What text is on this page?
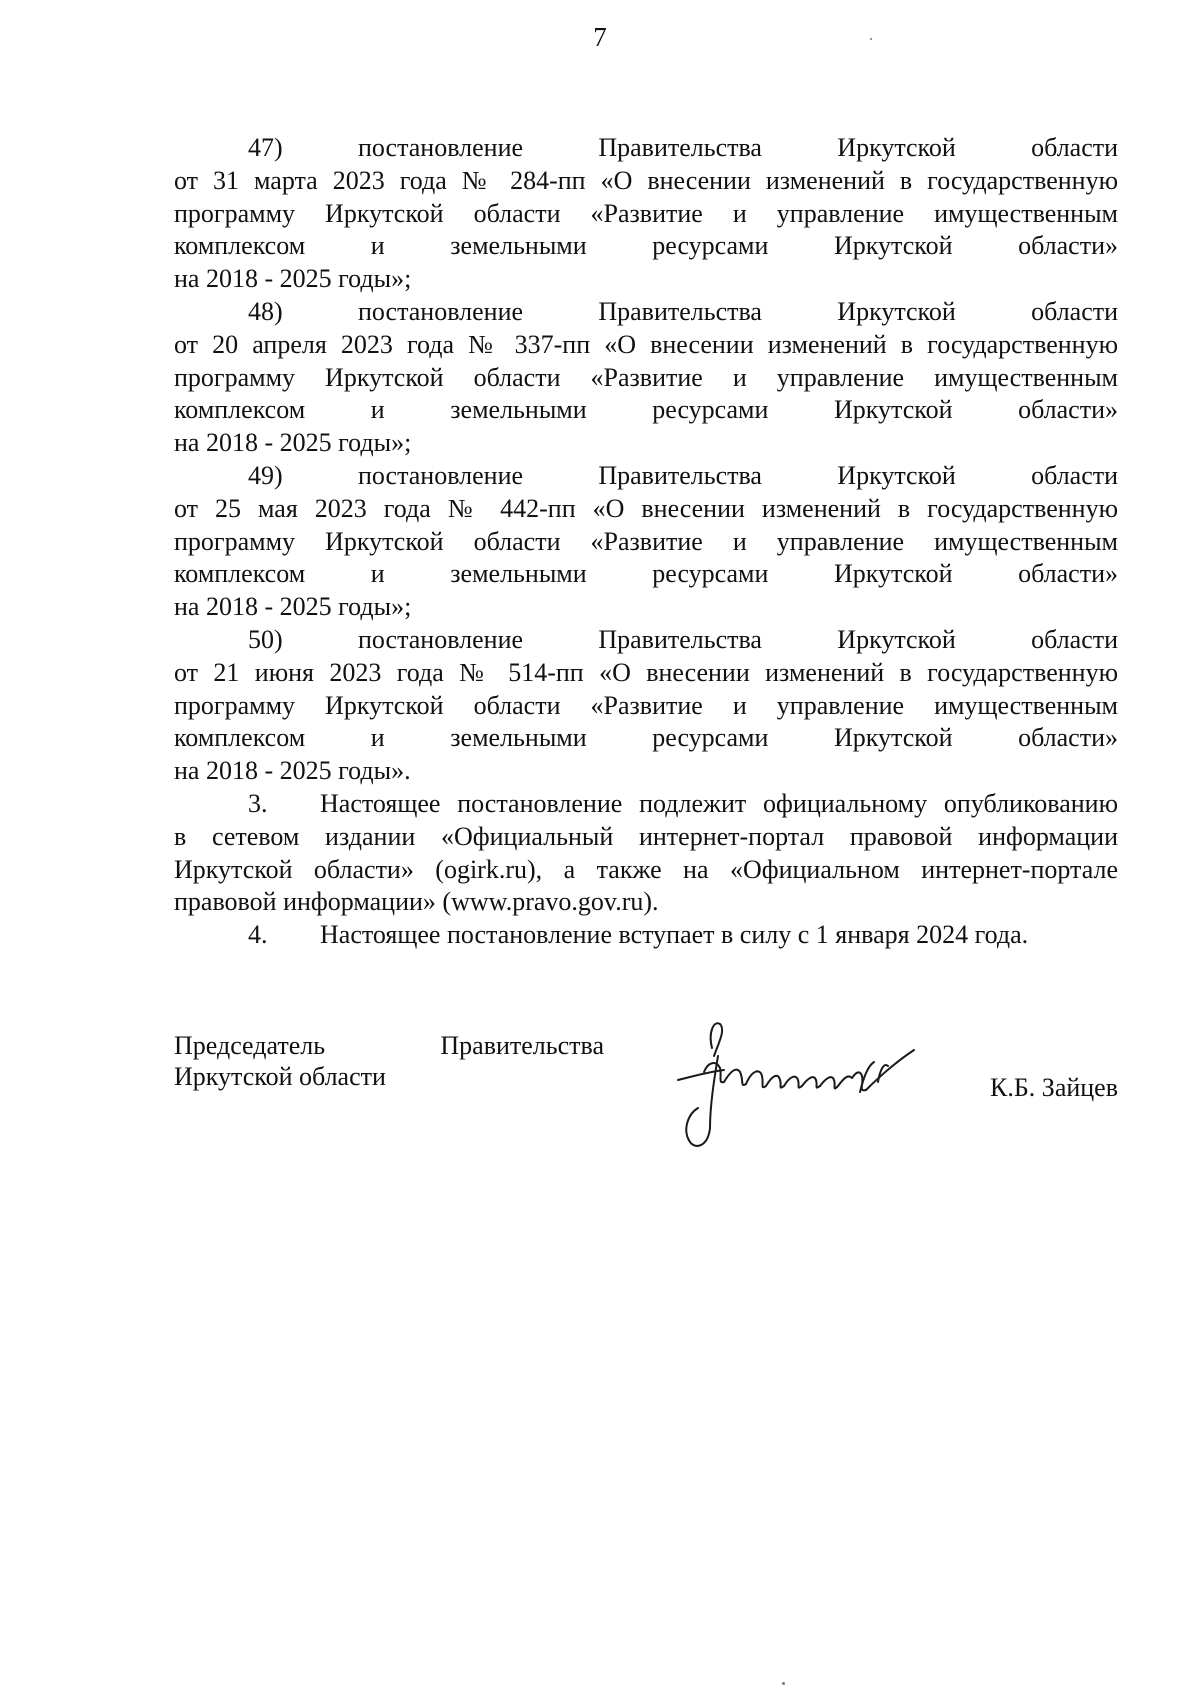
7
47)	постановление	Правительства	Иркутской	области
от 31 марта 2023 года № 284-пп «О внесении изменений в государственную
программу Иркутской области «Развитие и управление имущественным
комплексом и земельными ресурсами Иркутской области»
на 2018 - 2025 годы»;
48)	постановление	Правительства	Иркутской	области
от 20 апреля 2023 года № 337-пп «О внесении изменений в государственную
программу Иркутской области «Развитие и управление имущественным
комплексом и земельными ресурсами Иркутской области»
на 2018 - 2025 годы»;
49)	постановление	Правительства	Иркутской	области
от 25 мая 2023 года № 442-пп «О внесении изменений в государственную
программу Иркутской области «Развитие и управление имущественным
комплексом и земельными ресурсами Иркутской области»
на 2018 - 2025 годы»;
50)	постановление	Правительства	Иркутской	области
от 21 июня 2023 года № 514-пп «О внесении изменений в государственную
программу Иркутской области «Развитие и управление имущественным
комплексом и земельными ресурсами Иркутской области»
на 2018 - 2025 годы».
3. Настоящее постановление подлежит официальному опубликованию
в сетевом издании «Официальный интернет-портал правовой информации
Иркутской области» (ogirk.ru), а также на «Официальном интернет-портале
правовой информации» (www.pravo.gov.ru).
4. Настоящее постановление вступает в силу с 1 января 2024 года.
Председатель	Правительства
Иркутской области	К.Б. Зайцев
